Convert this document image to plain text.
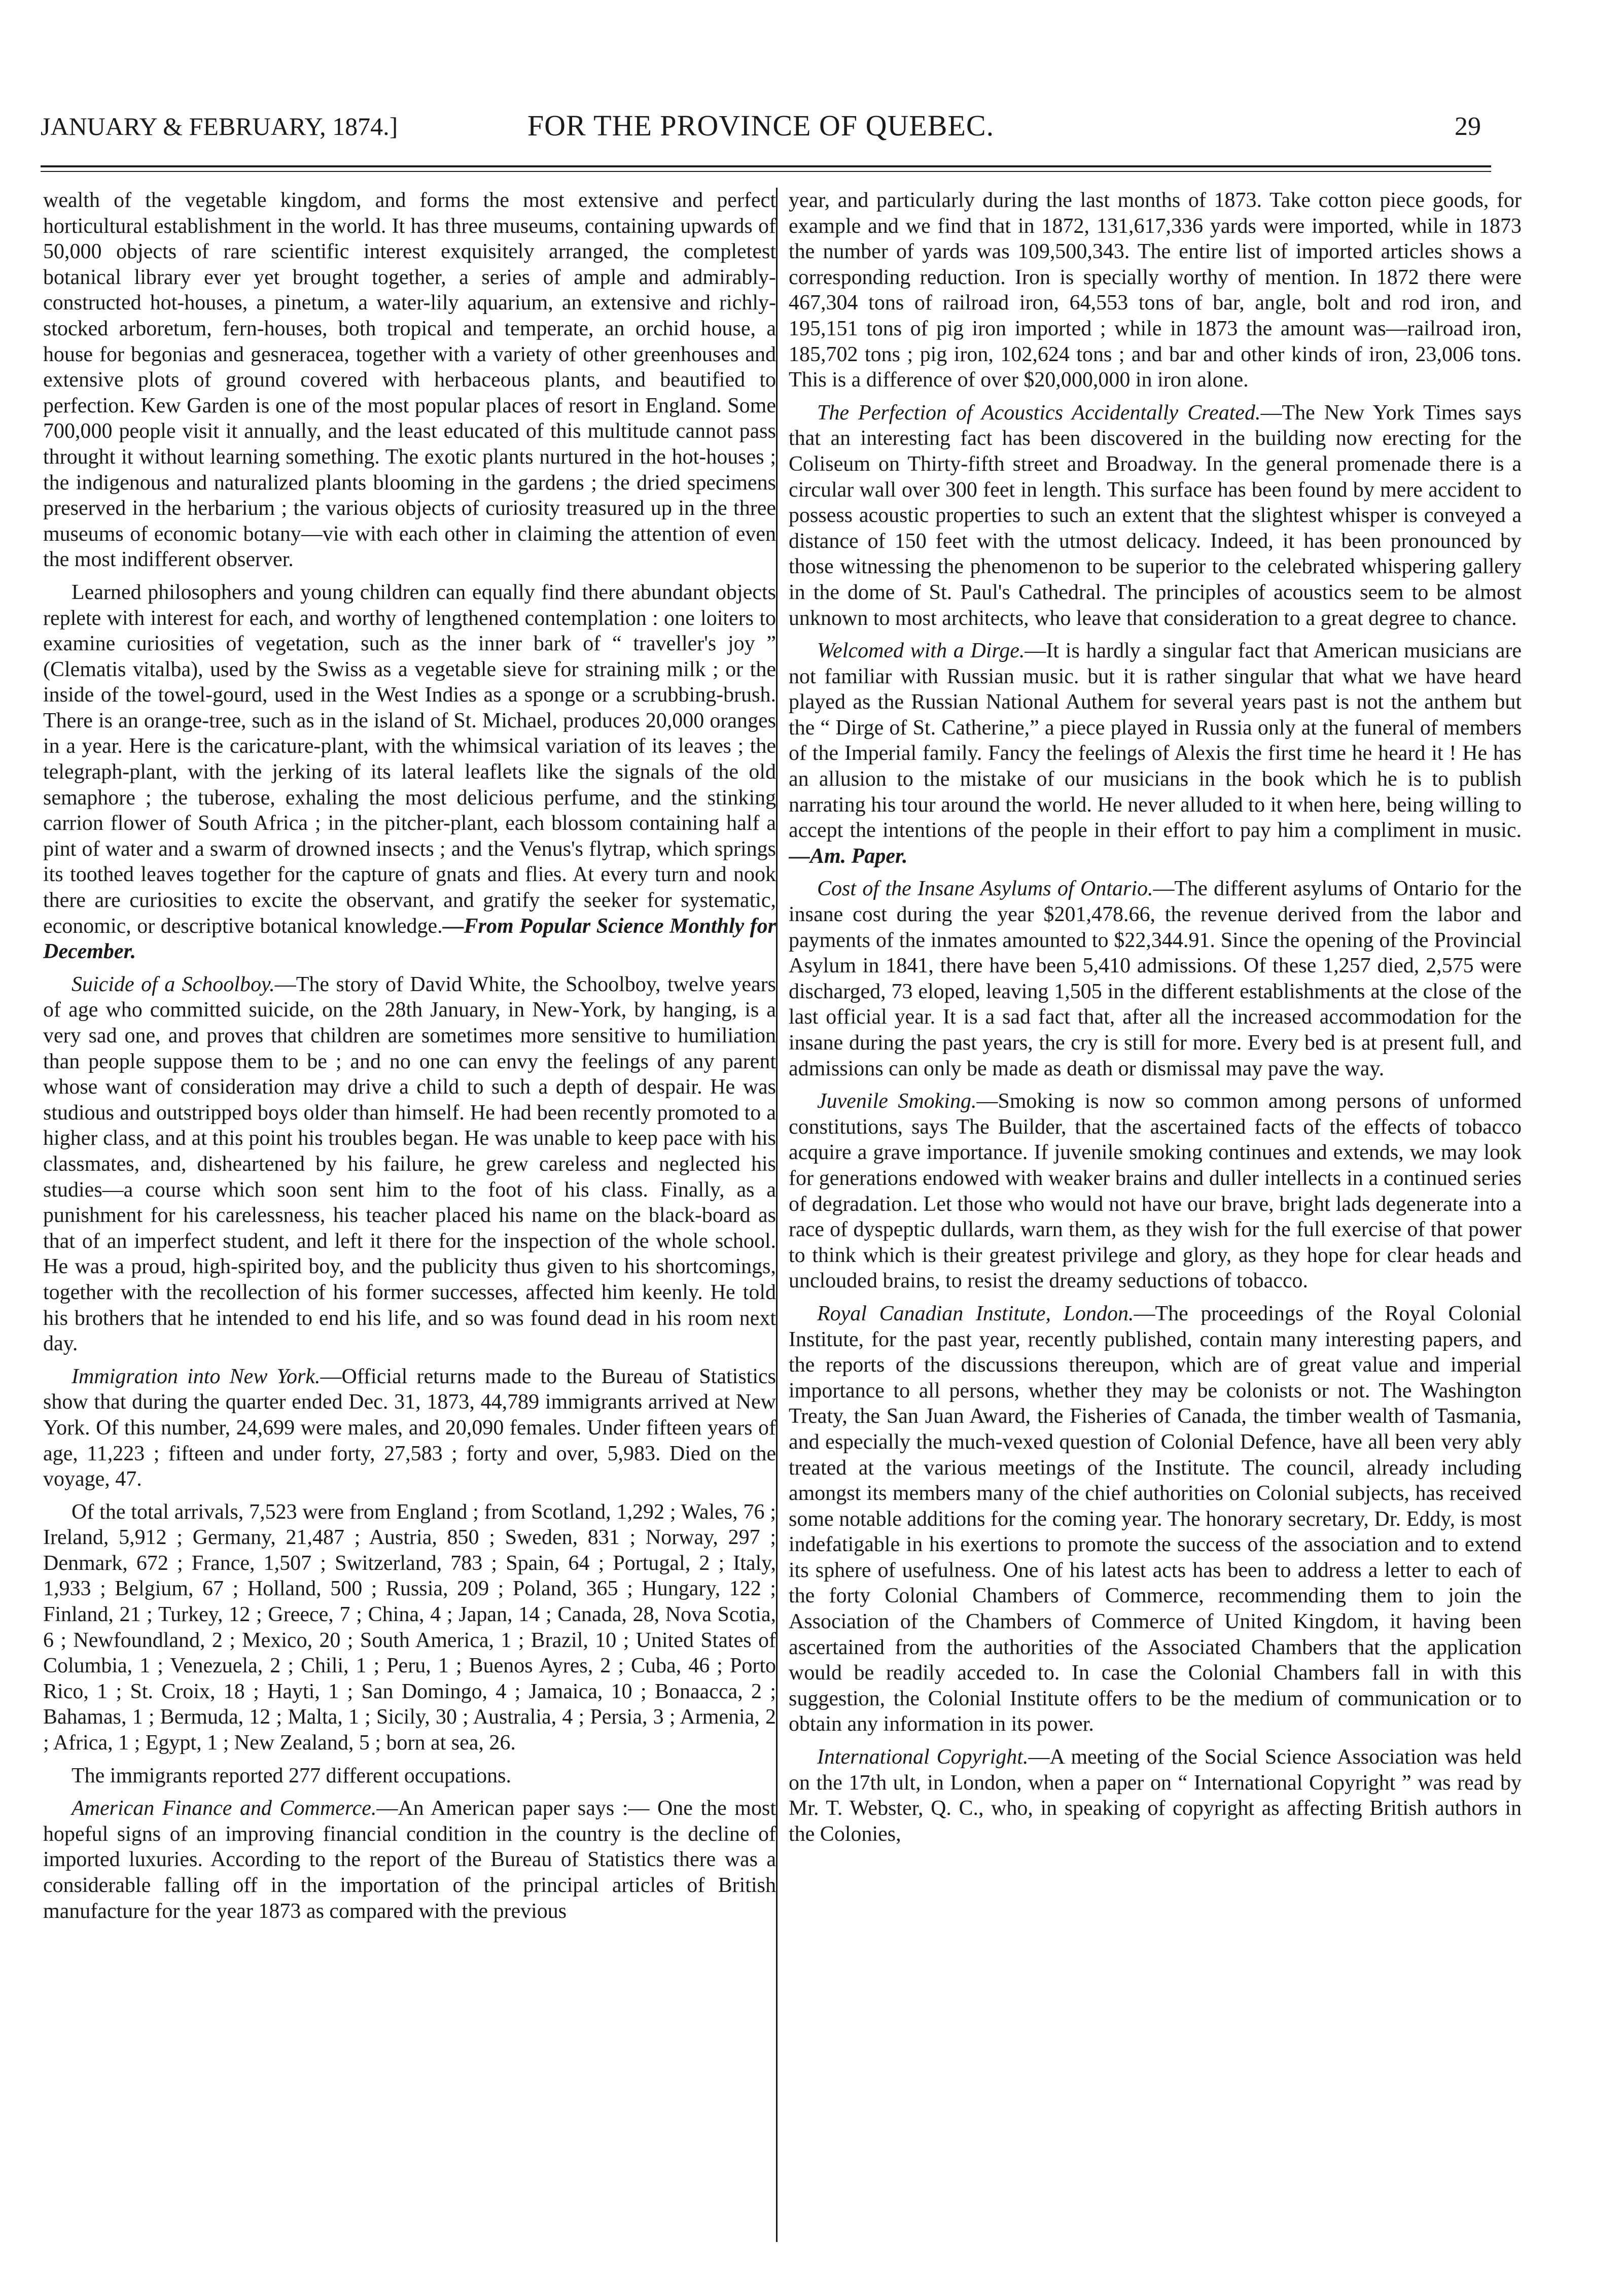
JANUARY & FEBRUARY, 1874.]	FOR THE PROVINCE OF QUEBEC.	29

wealth of the vegetable kingdom, and forms the most extensive and perfect horticultural establishment in the world. It has three museums, containing upwards of 50,000 objects of rare scientific interest exquisitely arranged, the completest botanical library ever yet brought together, a series of ample and admirably-constructed hot-houses, a pinetum, a water-lily aquarium, an extensive and richly-stocked arboretum, fern-houses, both tropical and temperate, an orchid house, a house for begonias and gesneracea, together with a variety of other greenhouses and extensive plots of ground covered with herbaceous plants, and beautified to perfection. Kew Garden is one of the most popular places of resort in England. Some 700,000 people visit it annually, and the least educated of this multitude cannot pass throught it without learning something. The exotic plants nurtured in the hot-houses ; the indigenous and naturalized plants blooming in the gardens ; the dried specimens preserved in the herbarium ; the various objects of curiosity treasured up in the three museums of economic botany—vie with each other in claiming the attention of even the most indifferent observer.

Learned philosophers and young children can equally find there abundant objects replete with interest for each, and worthy of lengthened contemplation : one loiters to examine curiosities of vegetation, such as the inner bark of “ traveller's joy ” (Clematis vitalba), used by the Swiss as a vegetable sieve for straining milk ; or the inside of the towel-gourd, used in the West Indies as a sponge or a scrubbing-brush. There is an orange-tree, such as in the island of St. Michael, produces 20,000 oranges in a year. Here is the caricature-plant, with the whimsical variation of its leaves ; the telegraph-plant, with the jerking of its lateral leaflets like the signals of the old semaphore ; the tuberose, exhaling the most delicious perfume, and the stinking carrion flower of South Africa ; in the pitcher-plant, each blossom containing half a pint of water and a swarm of drowned insects ; and the Venus's flytrap, which springs its toothed leaves together for the capture of gnats and flies. At every turn and nook there are curiosities to excite the observant, and gratify the seeker for systematic, economic, or descriptive botanical knowledge.—From Popular Science Monthly for December.

Suicide of a Schoolboy.—The story of David White, the Schoolboy, twelve years of age who committed suicide, on the 28th January, in New-York, by hanging, is a very sad one, and proves that children are sometimes more sensitive to humiliation than people suppose them to be ; and no one can envy the feelings of any parent whose want of consideration may drive a child to such a depth of despair. He was studious and outstripped boys older than himself. He had been recently promoted to a higher class, and at this point his troubles began. He was unable to keep pace with his classmates, and, disheartened by his failure, he grew careless and neglected his studies—a course which soon sent him to the foot of his class. Finally, as a punishment for his carelessness, his teacher placed his name on the black-board as that of an imperfect student, and left it there for the inspection of the whole school. He was a proud, high-spirited boy, and the publicity thus given to his shortcomings, together with the recollection of his former successes, affected him keenly. He told his brothers that he intended to end his life, and so was found dead in his room next day.

Immigration into New York.—Official returns made to the Bureau of Statistics show that during the quarter ended Dec. 31, 1873, 44,789 immigrants arrived at New York. Of this number, 24,699 were males, and 20,090 females. Under fifteen years of age, 11,223 ; fifteen and under forty, 27,583 ; forty and over, 5,983. Died on the voyage, 47.

Of the total arrivals, 7,523 were from England ; from Scotland, 1,292 ; Wales, 76 ; Ireland, 5,912 ; Germany, 21,487 ; Austria, 850 ; Sweden, 831 ; Norway, 297 ; Denmark, 672 ; France, 1,507 ; Switzerland, 783 ; Spain, 64 ; Portugal, 2 ; Italy, 1,933 ; Belgium, 67 ; Holland, 500 ; Russia, 209 ; Poland, 365 ; Hungary, 122 ; Finland, 21 ; Turkey, 12 ; Greece, 7 ; China, 4 ; Japan, 14 ; Canada, 28, Nova Scotia, 6 ; Newfoundland, 2 ; Mexico, 20 ; South America, 1 ; Brazil, 10 ; United States of Columbia, 1 ; Venezuela, 2 ; Chili, 1 ; Peru, 1 ; Buenos Ayres, 2 ; Cuba, 46 ; Porto Rico, 1 ; St. Croix, 18 ; Hayti, 1 ; San Domingo, 4 ; Jamaica, 10 ; Bonaacca, 2 ; Bahamas, 1 ; Bermuda, 12 ; Malta, 1 ; Sicily, 30 ; Australia, 4 ; Persia, 3 ; Armenia, 2 ; Africa, 1 ; Egypt, 1 ; New Zealand, 5 ; born at sea, 26.

The immigrants reported 277 different occupations.

American Finance and Commerce.—An American paper says :— One the most hopeful signs of an improving financial condition in the country is the decline of imported luxuries. According to the report of the Bureau of Statistics there was a considerable falling off in the importation of the principal articles of British manufacture for the year 1873 as compared with the previous

year, and particularly during the last months of 1873. Take cotton piece goods, for example and we find that in 1872, 131,617,336 yards were imported, while in 1873 the number of yards was 109,500,343. The entire list of imported articles shows a corresponding reduction. Iron is specially worthy of mention. In 1872 there were 467,304 tons of railroad iron, 64,553 tons of bar, angle, bolt and rod iron, and 195,151 tons of pig iron imported ; while in 1873 the amount was—railroad iron, 185,702 tons ; pig iron, 102,624 tons ; and bar and other kinds of iron, 23,006 tons. This is a difference of over $20,000,000 in iron alone.

The Perfection of Acoustics Accidentally Created.—The New York Times says that an interesting fact has been discovered in the building now erecting for the Coliseum on Thirty-fifth street and Broadway. In the general promenade there is a circular wall over 300 feet in length. This surface has been found by mere accident to possess acoustic properties to such an extent that the slightest whisper is conveyed a distance of 150 feet with the utmost delicacy. Indeed, it has been pronounced by those witnessing the phenomenon to be superior to the celebrated whispering gallery in the dome of St. Paul's Cathedral. The principles of acoustics seem to be almost unknown to most architects, who leave that consideration to a great degree to chance.

Welcomed with a Dirge.—It is hardly a singular fact that American musicians are not familiar with Russian music. but it is rather singular that what we have heard played as the Russian National Authem for several years past is not the anthem but the “ Dirge of St. Catherine,” a piece played in Russia only at the funeral of members of the Imperial family. Fancy the feelings of Alexis the first time he heard it ! He has an allusion to the mistake of our musicians in the book which he is to publish narrating his tour around the world. He never alluded to it when here, being willing to accept the intentions of the people in their effort to pay him a compliment in music.—Am. Paper.

Cost of the Insane Asylums of Ontario.—The different asylums of Ontario for the insane cost during the year $201,478.66, the revenue derived from the labor and payments of the inmates amounted to $22,344.91. Since the opening of the Provincial Asylum in 1841, there have been 5,410 admissions. Of these 1,257 died, 2,575 were discharged, 73 eloped, leaving 1,505 in the different establishments at the close of the last official year. It is a sad fact that, after all the increased accommodation for the insane during the past years, the cry is still for more. Every bed is at present full, and admissions can only be made as death or dismissal may pave the way.

Juvenile Smoking.—Smoking is now so common among persons of unformed constitutions, says The Builder, that the ascertained facts of the effects of tobacco acquire a grave importance. If juvenile smoking continues and extends, we may look for generations endowed with weaker brains and duller intellects in a continued series of degradation. Let those who would not have our brave, bright lads degenerate into a race of dyspeptic dullards, warn them, as they wish for the full exercise of that power to think which is their greatest privilege and glory, as they hope for clear heads and unclouded brains, to resist the dreamy seductions of tobacco.

Royal Canadian Institute, London.—The proceedings of the Royal Colonial Institute, for the past year, recently published, contain many interesting papers, and the reports of the discussions thereupon, which are of great value and imperial importance to all persons, whether they may be colonists or not. The Washington Treaty, the San Juan Award, the Fisheries of Canada, the timber wealth of Tasmania, and especially the much-vexed question of Colonial Defence, have all been very ably treated at the various meetings of the Institute. The council, already including amongst its members many of the chief authorities on Colonial subjects, has received some notable additions for the coming year. The honorary secretary, Dr. Eddy, is most indefatigable in his exertions to promote the success of the association and to extend its sphere of usefulness. One of his latest acts has been to address a letter to each of the forty Colonial Chambers of Commerce, recommending them to join the Association of the Chambers of Commerce of United Kingdom, it having been ascertained from the authorities of the Associated Chambers that the application would be readily acceded to. In case the Colonial Chambers fall in with this suggestion, the Colonial Institute offers to be the medium of communication or to obtain any information in its power.

International Copyright.—A meeting of the Social Science Association was held on the 17th ult, in London, when a paper on “ International Copyright ” was read by Mr. T. Webster, Q. C., who, in speaking of copyright as affecting British authors in the Colonies,
